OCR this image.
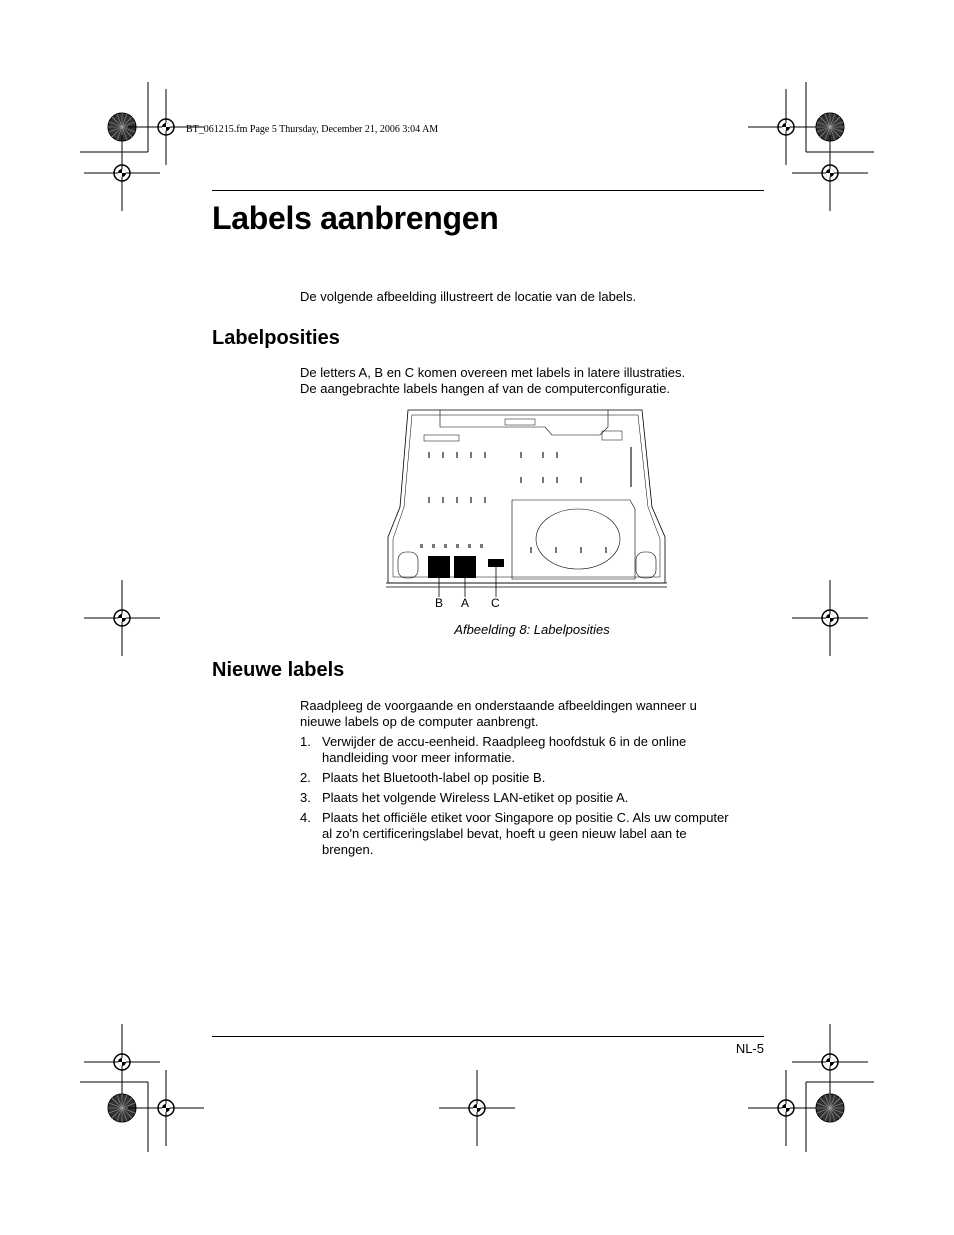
BT_061215.fm Page 5 Thursday, December 21, 2006 3:04 AM
Labels aanbrengen

De volgende afbeelding illustreert de locatie van de labels.

Labelposities

De letters A, B en C komen overeen met labels in latere illustraties.
De aangebrachte labels hangen af van de computerconfiguratie.

B A C
Afbeelding 8: Labelposities
Nieuwe labels

Raadpleeg de voorgaande en onderstaande afbeeldingen wanneer u
nieuwe labels op de computer aanbrengt.

1. Verwijder de accu-eenheid. Raadpleeg hoofdstuk 6 in de online
handleiding voor meer informatie.
2. Plaats het Bluetooth-label op positie B.
3. Plaats het volgende Wireless LAN-etiket op positie A.
4. Plaats het officiële etiket voor Singapore op positie C. Als uw computer
al zo'n certificeringslabel bevat, hoeft u geen nieuw label aan te
brengen.
NL-5
